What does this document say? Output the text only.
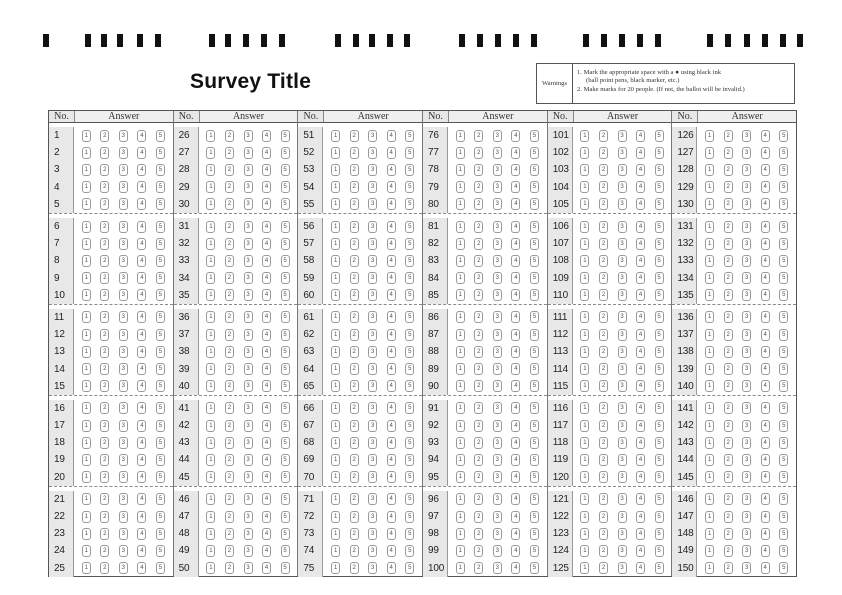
Survey Title	Warnings
1. Mark the appropriate space with a ● using black ink
(ball point pens, black marker, etc.)
2. Make marks for 20 people. (If not, the ballot will be invalid.)
No.	Answer
1	1	2	3	4	5
2	1	2	3	4	5
3	1	2	3	4	5
4	1	2	3	4	5
5	1	2	3	4	5
6	1	2	3	4	5
7	1	2	3	4	5
8	1	2	3	4	5
9	1	2	3	4	5
10	1	2	3	4	5
11	1	2	3	4	5
12	1	2	3	4	5
13	1	2	3	4	5
14	1	2	3	4	5
15	1	2	3	4	5
16	1	2	3	4	5
17	1	2	3	4	5
18	1	2	3	4	5
19	1	2	3	4	5
20	1	2	3	4	5
21	1	2	3	4	5
22	1	2	3	4	5
23	1	2	3	4	5
24	1	2	3	4	5
25	1	2	3	4	5
No.	Answer
26	1	2	3	4	5
27	1	2	3	4	5
28	1	2	3	4	5
29	1	2	3	4	5
30	1	2	3	4	5
31	1	2	3	4	5
32	1	2	3	4	5
33	1	2	3	4	5
34	1	2	3	4	5
35	1	2	3	4	5
36	1	2	3	4	5
37	1	2	3	4	5
38	1	2	3	4	5
39	1	2	3	4	5
40	1	2	3	4	5
41	1	2	3	4	5
42	1	2	3	4	5
43	1	2	3	4	5
44	1	2	3	4	5
45	1	2	3	4	5
46	1	2	3	4	5
47	1	2	3	4	5
48	1	2	3	4	5
49	1	2	3	4	5
50	1	2	3	4	5
No.	Answer
51	1	2	3	4	5
52	1	2	3	4	5
53	1	2	3	4	5
54	1	2	3	4	5
55	1	2	3	4	5
56	1	2	3	4	5
57	1	2	3	4	5
58	1	2	3	4	5
59	1	2	3	4	5
60	1	2	3	4	5
61	1	2	3	4	5
62	1	2	3	4	5
63	1	2	3	4	5
64	1	2	3	4	5
65	1	2	3	4	5
66	1	2	3	4	5
67	1	2	3	4	5
68	1	2	3	4	5
69	1	2	3	4	5
70	1	2	3	4	5
71	1	2	3	4	5
72	1	2	3	4	5
73	1	2	3	4	5
74	1	2	3	4	5
75	1	2	3	4	5
No.	Answer
76	1	2	3	4	5
77	1	2	3	4	5
78	1	2	3	4	5
79	1	2	3	4	5
80	1	2	3	4	5
81	1	2	3	4	5
82	1	2	3	4	5
83	1	2	3	4	5
84	1	2	3	4	5
85	1	2	3	4	5
86	1	2	3	4	5
87	1	2	3	4	5
88	1	2	3	4	5
89	1	2	3	4	5
90	1	2	3	4	5
91	1	2	3	4	5
92	1	2	3	4	5
93	1	2	3	4	5
94	1	2	3	4	5
95	1	2	3	4	5
96	1	2	3	4	5
97	1	2	3	4	5
98	1	2	3	4	5
99	1	2	3	4	5
100	1	2	3	4	5
No.	Answer
101	1	2	3	4	5
102	1	2	3	4	5
103	1	2	3	4	5
104	1	2	3	4	5
105	1	2	3	4	5
106	1	2	3	4	5
107	1	2	3	4	5
108	1	2	3	4	5
109	1	2	3	4	5
110	1	2	3	4	5
111	1	2	3	4	5
112	1	2	3	4	5
113	1	2	3	4	5
114	1	2	3	4	5
115	1	2	3	4	5
116	1	2	3	4	5
117	1	2	3	4	5
118	1	2	3	4	5
119	1	2	3	4	5
120	1	2	3	4	5
121	1	2	3	4	5
122	1	2	3	4	5
123	1	2	3	4	5
124	1	2	3	4	5
125	1	2	3	4	5
No.	Answer
126	1	2	3	4	5
127	1	2	3	4	5
128	1	2	3	4	5
129	1	2	3	4	5
130	1	2	3	4	5
131	1	2	3	4	5
132	1	2	3	4	5
133	1	2	3	4	5
134	1	2	3	4	5
135	1	2	3	4	5
136	1	2	3	4	5
137	1	2	3	4	5
138	1	2	3	4	5
139	1	2	3	4	5
140	1	2	3	4	5
141	1	2	3	4	5
142	1	2	3	4	5
143	1	2	3	4	5
144	1	2	3	4	5
145	1	2	3	4	5
146	1	2	3	4	5
147	1	2	3	4	5
148	1	2	3	4	5
149	1	2	3	4	5
150	1	2	3	4	5
